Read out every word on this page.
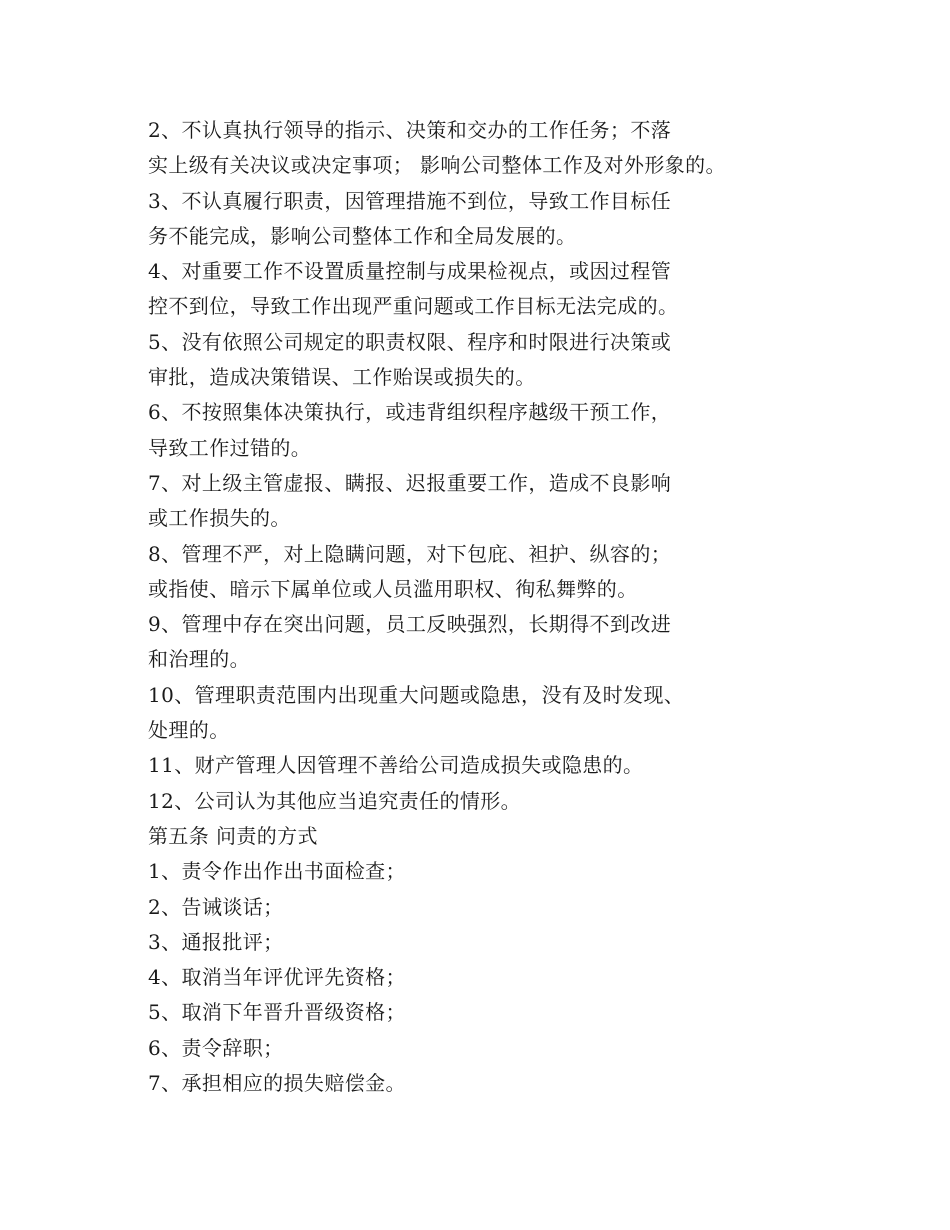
2、不认真执行领导的指示、决策和交办的工作任务；不落
实上级有关决议或决定事项； 影响公司整体工作及对外形象的。
3、不认真履行职责，因管理措施不到位，导致工作目标任
务不能完成，影响公司整体工作和全局发展的。
4、对重要工作不设置质量控制与成果检视点，或因过程管
控不到位，导致工作出现严重问题或工作目标无法完成的。
5、没有依照公司规定的职责权限、程序和时限进行决策或
审批，造成决策错误、工作贻误或损失的。
6、不按照集体决策执行，或违背组织程序越级干预工作，
导致工作过错的。
7、对上级主管虚报、瞒报、迟报重要工作，造成不良影响
或工作损失的。
8、管理不严，对上隐瞒问题，对下包庇、袒护、纵容的；
或指使、暗示下属单位或人员滥用职权、徇私舞弊的。
9、管理中存在突出问题，员工反映强烈，长期得不到改进
和治理的。
10、管理职责范围内出现重大问题或隐患，没有及时发现、
处理的。
11、财产管理人因管理不善给公司造成损失或隐患的。
12、公司认为其他应当追究责任的情形。
第五条 问责的方式
1、责令作出作出书面检查；
2、告诫谈话；
3、通报批评；
4、取消当年评优评先资格；
5、取消下年晋升晋级资格；
6、责令辞职；
7、承担相应的损失赔偿金。
